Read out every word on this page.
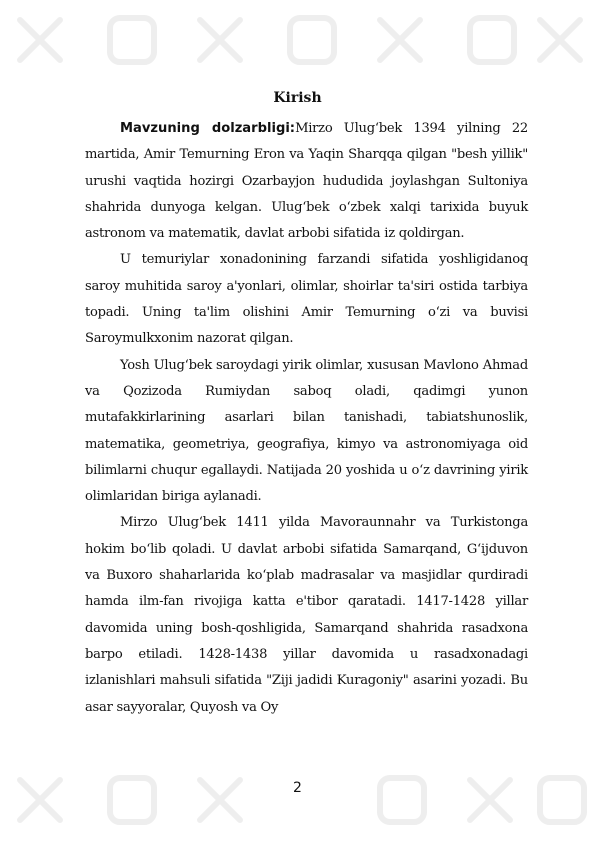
Kirish

Mavzuning dolzarbligi:Mirzo Ulug‘bek 1394 yilning 22 martida, Amir Temurning Eron va Yaqin Sharqqa qilgan "besh yillik" urushi vaqtida hozirgi Ozarbayjon hududida joylashgan Sultoniya shahrida dunyoga kelgan. Ulug‘bek o‘zbek xalqi tarixida buyuk astronom va matematik, davlat arbobi sifatida iz qoldirgan.

U temuriylar xonadonining farzandi sifatida yoshligidanoq saroy muhitida saroy a'yonlari, olimlar, shoirlar ta'siri ostida tarbiya topadi. Uning ta'lim olishini Amir Temurning o‘zi va buvisi Saroymulkxonim nazorat qilgan.

Yosh Ulug‘bek saroydagi yirik olimlar, xususan Mavlono Ahmad va Qozizoda Rumiydan saboq oladi, qadimgi yunon mutafakkirlarining asarlari bilan tanishadi, tabiatshunoslik, matematika, geometriya, geografiya, kimyo va astronomiyaga oid bilimlarni chuqur egallaydi. Natijada 20 yoshida u o‘z davrining yirik olimlaridan biriga aylanadi.

Mirzo Ulug‘bek 1411 yilda Mavoraunnahr va Turkistonga hokim bo‘lib qoladi. U davlat arbobi sifatida Samarqand, G‘ijduvon va Buxoro shaharlarida ko‘plab madrasalar va masjidlar qurdiradi hamda ilm-fan rivojiga katta e'tibor qaratadi. 1417-1428 yillar davomida uning bosh-qoshligida, Samarqand shahrida rasadxona barpo etiladi. 1428-1438 yillar davomida u rasadxonadagi izlanishlari mahsuli sifatida "Ziji jadidi Kuragoniy" asarini yozadi. Bu asar sayyoralar, Quyosh va Oy

2
